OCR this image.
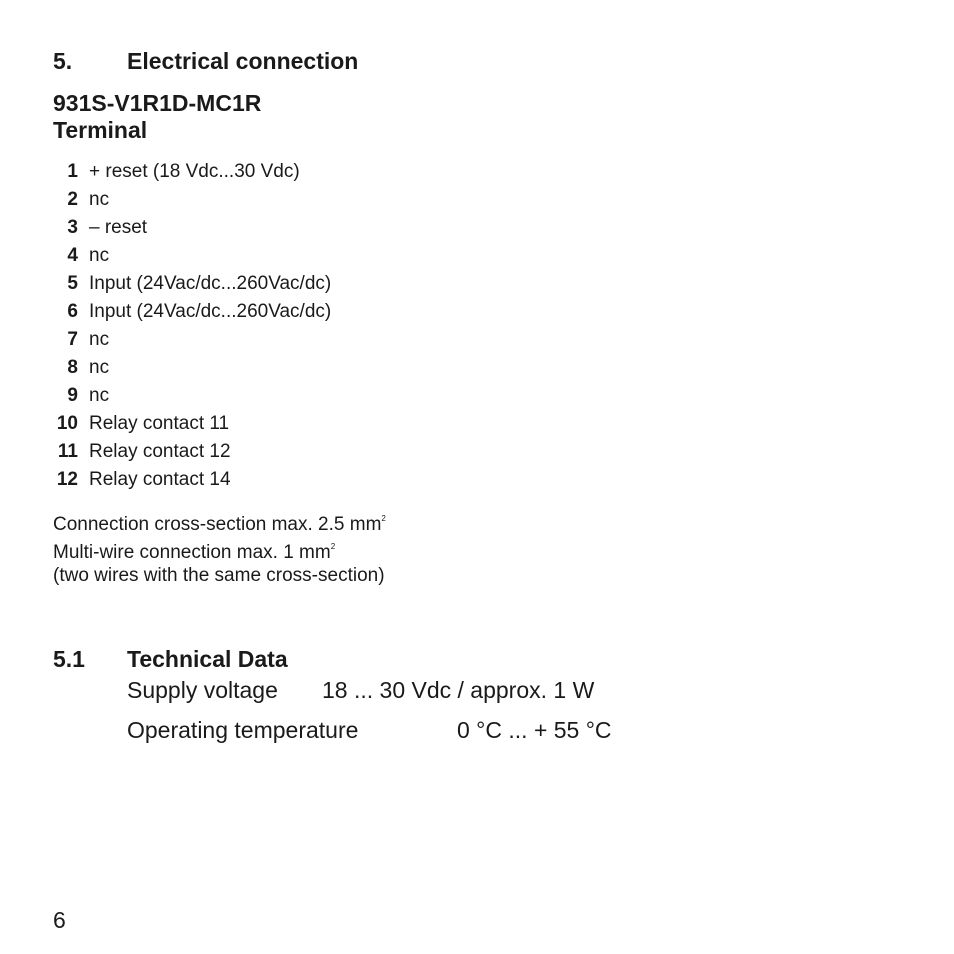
5. Electrical connection
931S-V1R1D-MC1R
Terminal
1 + reset (18 Vdc...30 Vdc)
2 nc
3 – reset
4 nc
5 Input (24Vac/dc...260Vac/dc)
6 Input (24Vac/dc...260Vac/dc)
7 nc
8 nc
9 nc
10 Relay contact 11
11 Relay contact 12
12 Relay contact 14
Connection cross-section max. 2.5 $mm^2$
Multi-wire connection max. 1 $mm^2$
(two wires with the same cross-section)
5.1 Technical Data
Supply voltage 18 ... 30 Vdc / approx. 1 W
Operating temperature	0 °C ... + 55 °C
6
